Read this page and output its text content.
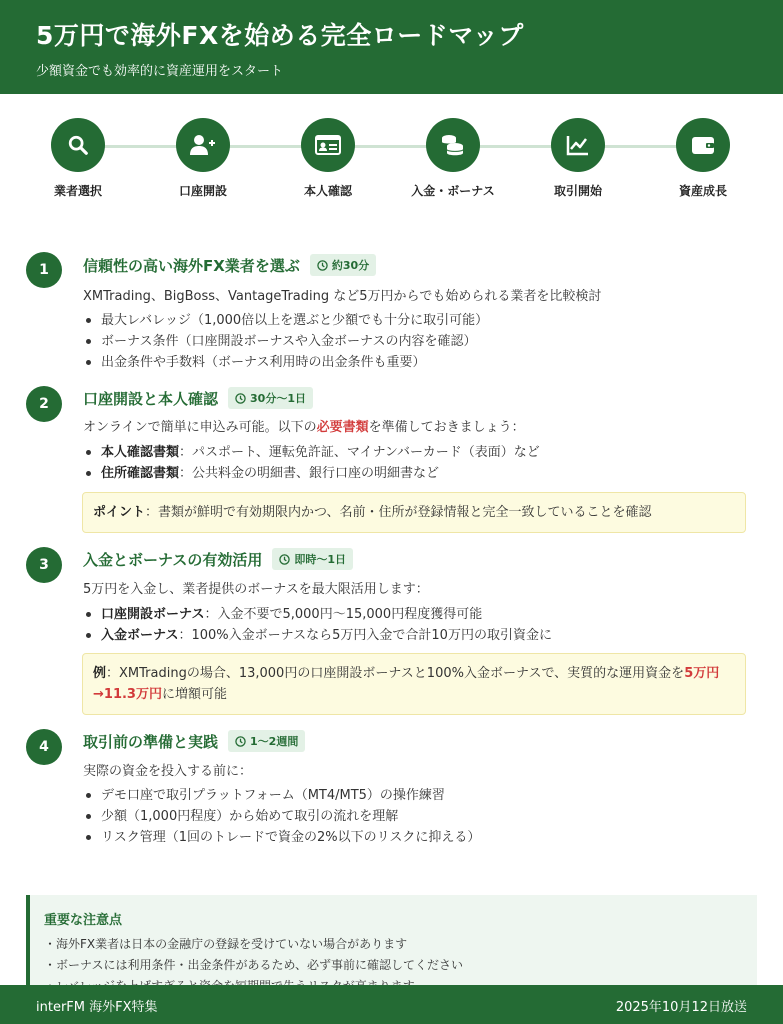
5万円で海外FXを始める完全ロードマップ
少額資金でも効率的に資産運用をスタート
業者選択	口座開設	本人確認	入金・ボーナス	取引開始	資産成長
1	信頼性の高い海外FX業者を選ぶ	約30分
XMTrading、BigBoss、VantageTrading など5万円からでも始められる業者を比較検討
最大レバレッジ（1,000倍以上を選ぶと少額でも十分に取引可能）
ボーナス条件（口座開設ボーナスや入金ボーナスの内容を確認）
出金条件や手数料（ボーナス利用時の出金条件も重要）
2	口座開設と本人確認	30分〜1日
オンラインで簡単に申込み可能。以下の必要書類を準備しておきましょう：
本人確認書類：パスポート、運転免許証、マイナンバーカード（表面）など
住所確認書類：公共料金の明細書、銀行口座の明細書など
ポイント：書類が鮮明で有効期限内かつ、名前・住所が登録情報と完全一致していることを確認
3	入金とボーナスの有効活用	即時〜1日
5万円を入金し、業者提供のボーナスを最大限活用します：
口座開設ボーナス：入金不要で5,000円〜15,000円程度獲得可能
入金ボーナス：100%入金ボーナスなら5万円入金で合計10万円の取引資金に
例：XMTradingの場合、13,000円の口座開設ボーナスと100%入金ボーナスで、実質的な運用資金を5万円→11.3万円に増額可能
4	取引前の準備と実践	1〜2週間
実際の資金を投入する前に：
デモ口座で取引プラットフォーム（MT4/MT5）の操作練習
少額（1,000円程度）から始めて取引の流れを理解
リスク管理（1回のトレードで資金の2%以下のリスクに抑える）
重要な注意点
・海外FX業者は日本の金融庁の登録を受けていない場合があります
・ボーナスには利用条件・出金条件があるため、必ず事前に確認してください
interFM 海外FX特集	2025年10月12日放送
